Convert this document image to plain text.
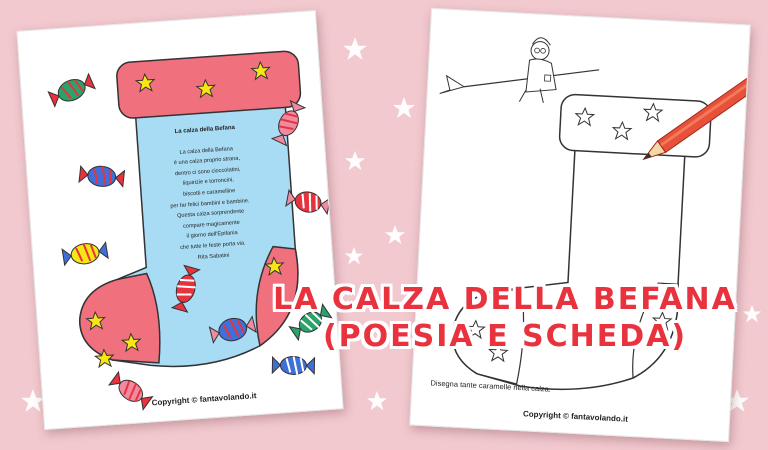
La calza della Befana
La calza della Befana
è una calza proprio strana,
dentro ci sono cioccolatini,
liquirizie e torroncini,
biscotti e caramelline
per far felici bambini e bambine.
Questa calza sorprendente
compare magicamente
il giorno dell'Epifania
che tutte le feste porta via.
Rita Sabatini
Copyright © fantavolando.it
Disegna tante caramelle nella calza.
Copyright © fantavolando.it
LA CALZA DELLA BEFANA
(POESIA E SCHEDA)
